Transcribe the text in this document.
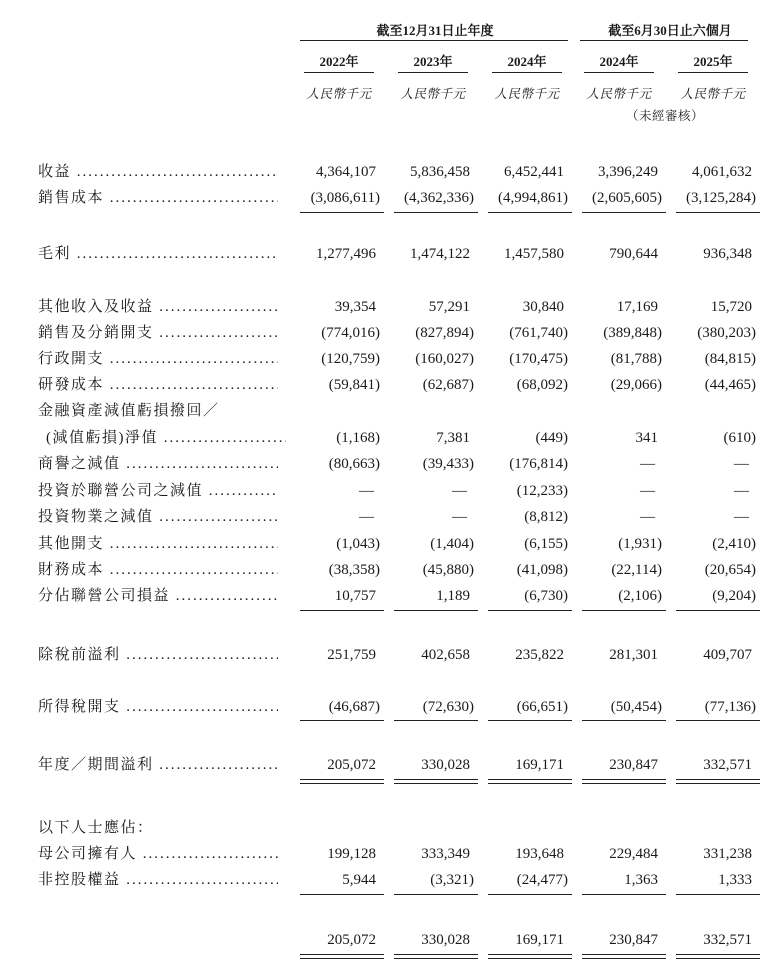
截至12月31日止年度	截至6月30日止六個月
2022年	2023年	2024年	2024年	2025年
人民幣千元	人民幣千元	人民幣千元	人民幣千元	人民幣千元
（未經審核）
收益 .....	4,364,107 5,836,458 6,452,441 3,396,249 4,061,632
銷售成本 .....	(3,086,611) (4,362,336) (4,994,861) (2,605,605) (3,125,284)
毛利 .....	1,277,496 1,474,122 1,457,580	790,644	936,348
其他收入及收益 .....	39,354	57,291	30,840	17,169	15,720
銷售及分銷開支 .....	(774,016) (827,894) (761,740) (389,848) (380,203)
行政開支 .....	(120,759) (160,027) (170,475)	(81,788)	(84,815)
研發成本 .....	(59,841)	(62,687)	(68,092)	(29,066)	(44,465)
金融資產減值虧損撥回／
(減值虧損)淨值 .....	(1,168)	7,381	(449)	341	(610)
商譽之減值 .....	(80,663)	(39,433) (176,814)	—	—
投資於聯營公司之減值 .....	—	—	(12,233)	—	—
投資物業之減值 .....	—	—	(8,812)	—	—
其他開支 .....	(1,043)	(1,404)	(6,155)	(1,931)	(2,410)
財務成本 .....	(38,358)	(45,880)	(41,098)	(22,114)	(20,654)
分佔聯營公司損益 .....	10,757	1,189	(6,730)	(2,106)	(9,204)
除稅前溢利 .....	251,759	402,658	235,822	281,301	409,707
所得稅開支 .....	(46,687)	(72,630)	(66,651)	(50,454)	(77,136)
年度／期間溢利 .....	205,072	330,028	169,171	230,847	332,571
以下人士應佔：
母公司擁有人 .....	199,128	333,349	193,648	229,484	331,238
非控股權益 .....	5,944	(3,321)	(24,477)	1,363	1,333
205,072	330,028	169,171	230,847	332,571
